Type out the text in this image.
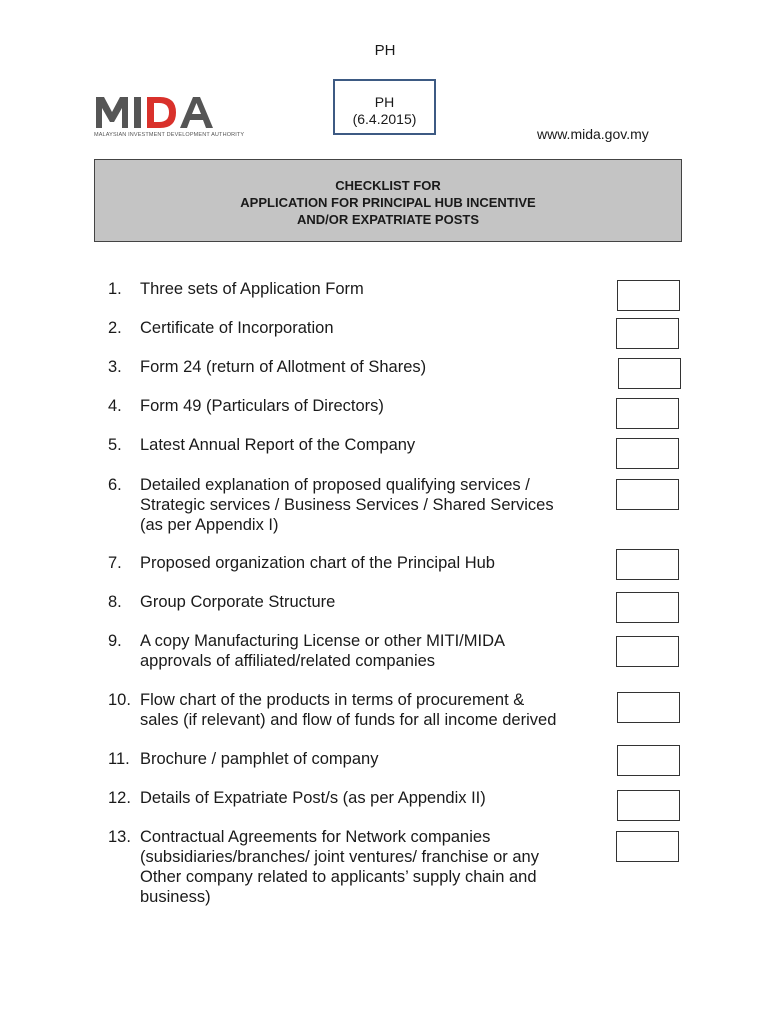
PH
MALAYSIAN INVESTMENT DEVELOPMENT AUTHORITY
PH
(6.4.2015)
www.mida.gov.my
CHECKLIST FOR
APPLICATION FOR PRINCIPAL HUB INCENTIVE
AND/OR EXPATRIATE POSTS
1. Three sets of Application Form
2. Certificate of Incorporation
3. Form 24 (return of Allotment of Shares)
4. Form 49 (Particulars of Directors)
5. Latest Annual Report of the Company
6. Detailed explanation of proposed qualifying services /
Strategic services / Business Services / Shared Services
(as per Appendix I)
7. Proposed organization chart of the Principal Hub
8. Group Corporate Structure
9. A copy Manufacturing License or other MITI/MIDA
approvals of affiliated/related companies
10. Flow chart of the products in terms of procurement &
sales (if relevant) and flow of funds for all income derived
11. Brochure / pamphlet of company
12. Details of Expatriate Post/s (as per Appendix II)
13. Contractual Agreements for Network companies
(subsidiaries/branches/ joint ventures/ franchise or any
Other company related to applicants’ supply chain and
business)
